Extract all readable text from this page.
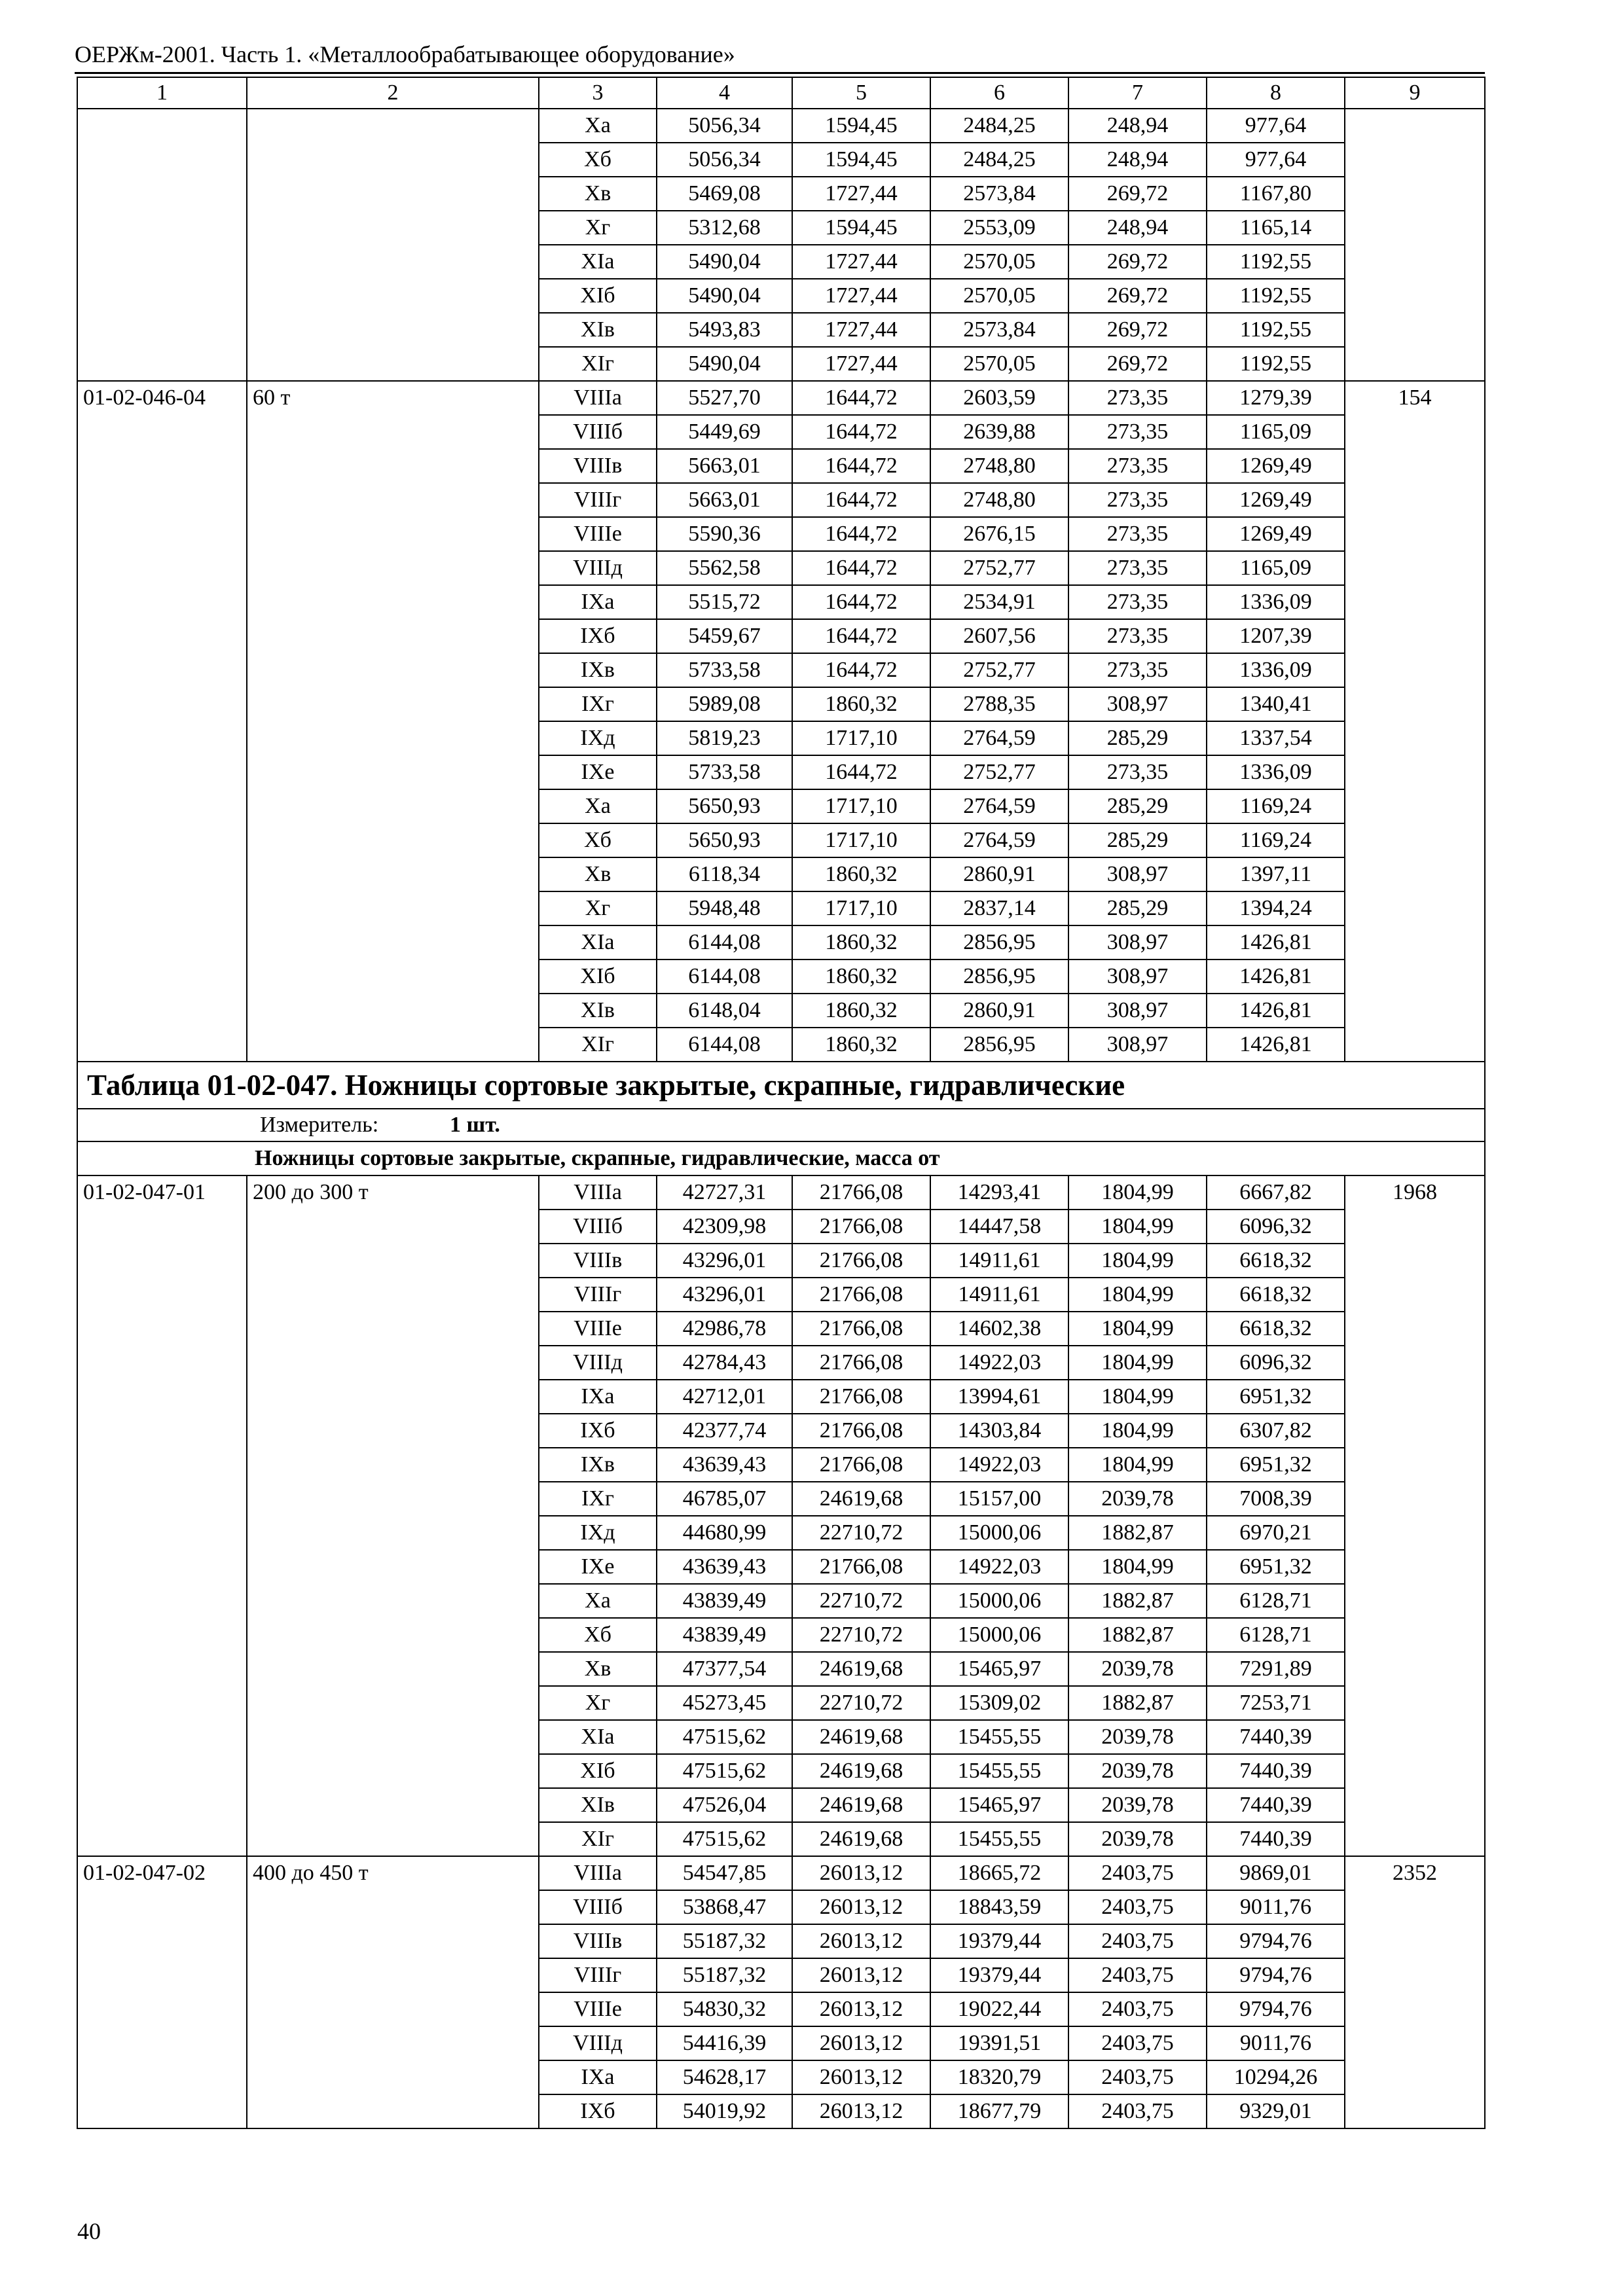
ОЕРЖм-2001. Часть 1. «Металлообрабатывающее оборудование»
1	2	3	4	5	6	7	8	9
		Xa	5056,34	1594,45	2484,25	248,94	977,64	
		Xб	5056,34	1594,45	2484,25	248,94	977,64	
		Xв	5469,08	1727,44	2573,84	269,72	1167,80	
		Xг	5312,68	1594,45	2553,09	248,94	1165,14	
		XIa	5490,04	1727,44	2570,05	269,72	1192,55	
		XIб	5490,04	1727,44	2570,05	269,72	1192,55	
		XIв	5493,83	1727,44	2573,84	269,72	1192,55	
		XIг	5490,04	1727,44	2570,05	269,72	1192,55	
01-02-046-04	60 т	VIIIa	5527,70	1644,72	2603,59	273,35	1279,39	154
		VIIIб	5449,69	1644,72	2639,88	273,35	1165,09	
		VIIIв	5663,01	1644,72	2748,80	273,35	1269,49	
		VIIIг	5663,01	1644,72	2748,80	273,35	1269,49	
		VIIIe	5590,36	1644,72	2676,15	273,35	1269,49	
		VIIIд	5562,58	1644,72	2752,77	273,35	1165,09	
		IXa	5515,72	1644,72	2534,91	273,35	1336,09	
		IXб	5459,67	1644,72	2607,56	273,35	1207,39	
		IXв	5733,58	1644,72	2752,77	273,35	1336,09	
		IXг	5989,08	1860,32	2788,35	308,97	1340,41	
		IXд	5819,23	1717,10	2764,59	285,29	1337,54	
		IXe	5733,58	1644,72	2752,77	273,35	1336,09	
		Xa	5650,93	1717,10	2764,59	285,29	1169,24	
		Xб	5650,93	1717,10	2764,59	285,29	1169,24	
		Xв	6118,34	1860,32	2860,91	308,97	1397,11	
		Xг	5948,48	1717,10	2837,14	285,29	1394,24	
		XIa	6144,08	1860,32	2856,95	308,97	1426,81	
		XIб	6144,08	1860,32	2856,95	308,97	1426,81	
		XIв	6148,04	1860,32	2860,91	308,97	1426,81	
		XIг	6144,08	1860,32	2856,95	308,97	1426,81	
Таблица 01-02-047. Ножницы сортовые закрытые, скрапные, гидравлические								
Измеритель: 1 шт.								
Ножницы сортовые закрытые, скрапные, гидравлические, масса от								
01-02-047-01	200 до 300 т	VIIIa	42727,31	21766,08	14293,41	1804,99	6667,82	1968
		VIIIб	42309,98	21766,08	14447,58	1804,99	6096,32	
		VIIIв	43296,01	21766,08	14911,61	1804,99	6618,32	
		VIIIг	43296,01	21766,08	14911,61	1804,99	6618,32	
		VIIIe	42986,78	21766,08	14602,38	1804,99	6618,32	
		VIIIд	42784,43	21766,08	14922,03	1804,99	6096,32	
		IXa	42712,01	21766,08	13994,61	1804,99	6951,32	
		IXб	42377,74	21766,08	14303,84	1804,99	6307,82	
		IXв	43639,43	21766,08	14922,03	1804,99	6951,32	
		IXг	46785,07	24619,68	15157,00	2039,78	7008,39	
		IXд	44680,99	22710,72	15000,06	1882,87	6970,21	
		IXe	43639,43	21766,08	14922,03	1804,99	6951,32	
		Xa	43839,49	22710,72	15000,06	1882,87	6128,71	
		Xб	43839,49	22710,72	15000,06	1882,87	6128,71	
		Xв	47377,54	24619,68	15465,97	2039,78	7291,89	
		Xг	45273,45	22710,72	15309,02	1882,87	7253,71	
		XIa	47515,62	24619,68	15455,55	2039,78	7440,39	
		XIб	47515,62	24619,68	15455,55	2039,78	7440,39	
		XIв	47526,04	24619,68	15465,97	2039,78	7440,39	
		XIг	47515,62	24619,68	15455,55	2039,78	7440,39	
01-02-047-02	400 до 450 т	VIIIa	54547,85	26013,12	18665,72	2403,75	9869,01	2352
		VIIIб	53868,47	26013,12	18843,59	2403,75	9011,76	
		VIIIв	55187,32	26013,12	19379,44	2403,75	9794,76	
		VIIIг	55187,32	26013,12	19379,44	2403,75	9794,76	
		VIIIe	54830,32	26013,12	19022,44	2403,75	9794,76	
		VIIIд	54416,39	26013,12	19391,51	2403,75	9011,76	
		IXa	54628,17	26013,12	18320,79	2403,75	10294,26	
		IXб	54019,92	26013,12	18677,79	2403,75	9329,01	
40
